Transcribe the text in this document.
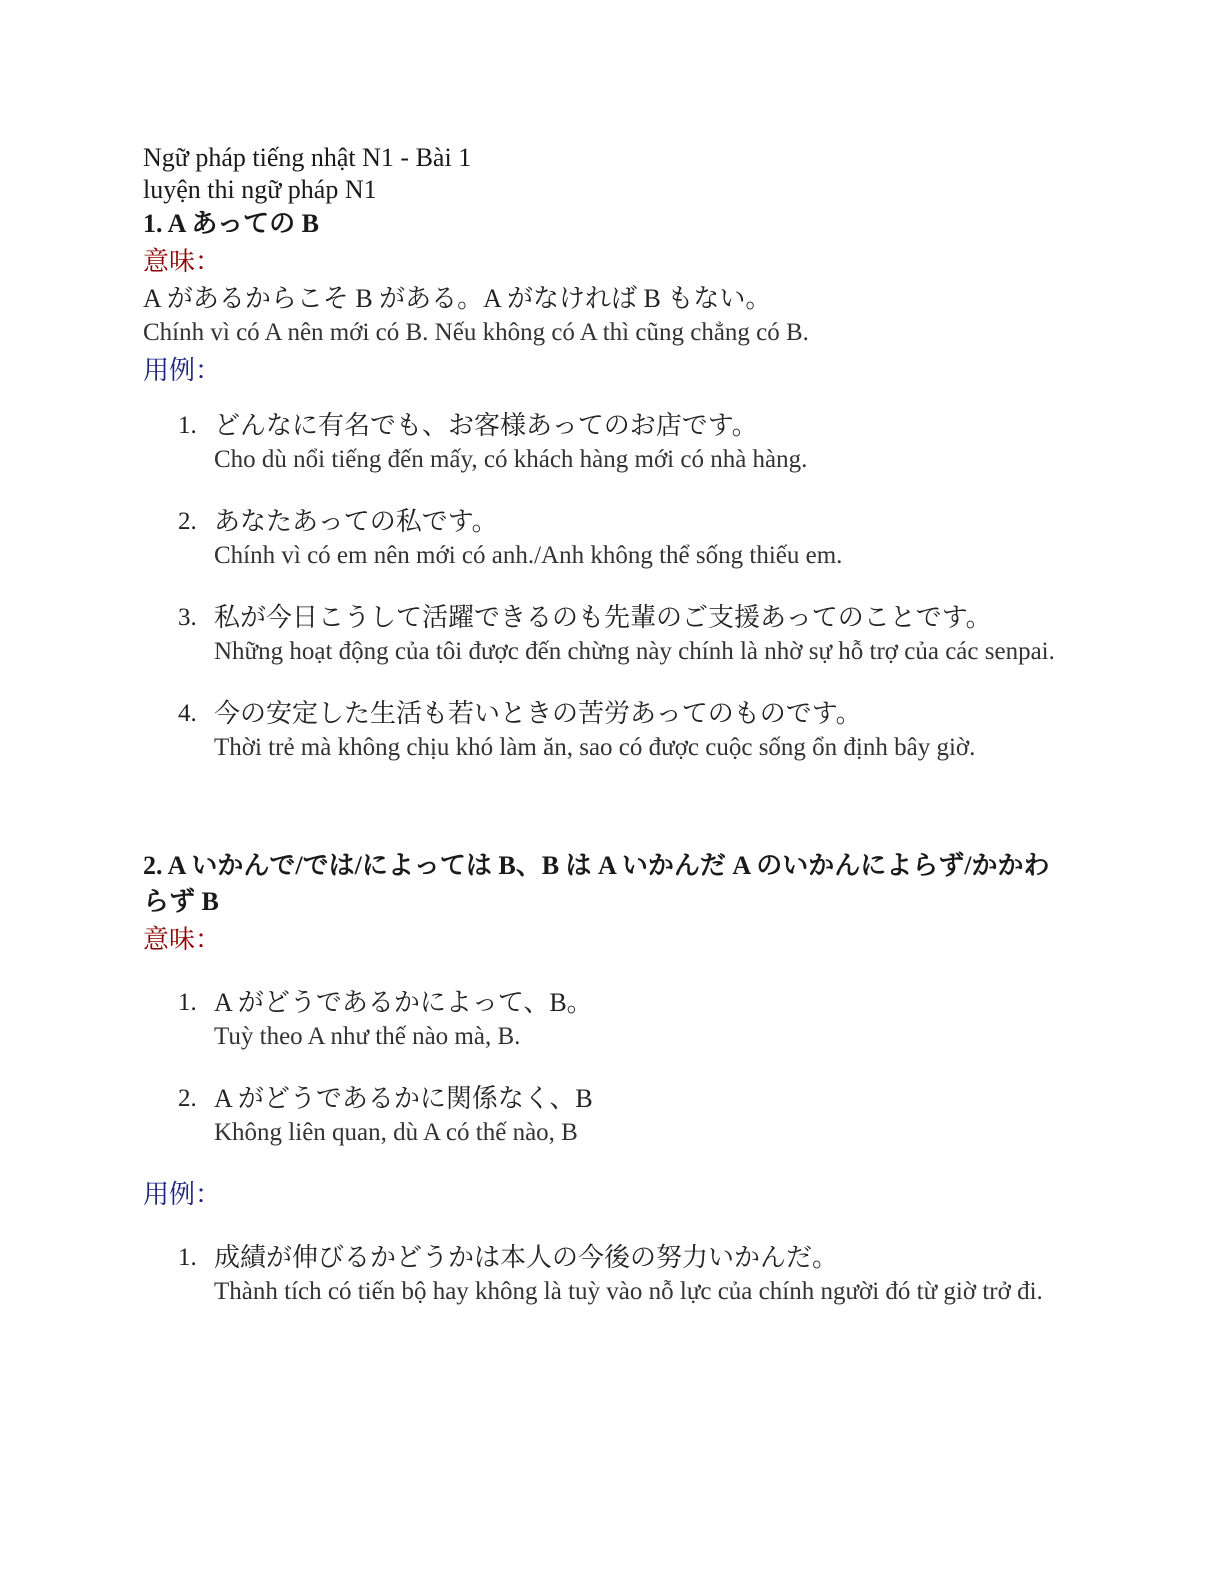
Ngữ pháp tiếng nhật N1 - Bài 1
luyện thi ngữ pháp N1
1. A あっての B
意味：
A があるからこそ B がある。A がなければ B もない。
Chính vì có A nên mới có B. Nếu không có A thì cũng chẳng có B.
用例：
1. どんなに有名でも、お客様あってのお店です。
Cho dù nổi tiếng đến mấy, có khách hàng mới có nhà hàng.
2. あなたあっての私です。
Chính vì có em nên mới có anh./Anh không thể sống thiếu em.
3. 私が今日こうして活躍できるのも先輩のご支援あってのことです。
Những hoạt động của tôi được đến chừng này chính là nhờ sự hỗ trợ của các senpai.
4. 今の安定した生活も若いときの苦労あってのものです。
Thời trẻ mà không chịu khó làm ăn, sao có được cuộc sống ổn định bây giờ.
2. A いかんで/では/によっては B、B は A いかんだ A のいかんによらず/かかわらず B
意味：
1. A がどうであるかによって、B。
Tuỳ theo A như thế nào mà, B.
2. A がどうであるかに関係なく、B
Không liên quan, dù A có thế nào, B
用例：
1. 成績が伸びるかどうかは本人の今後の努力いかんだ。
Thành tích có tiến bộ hay không là tuỳ vào nỗ lực của chính người đó từ giờ trở đi.
